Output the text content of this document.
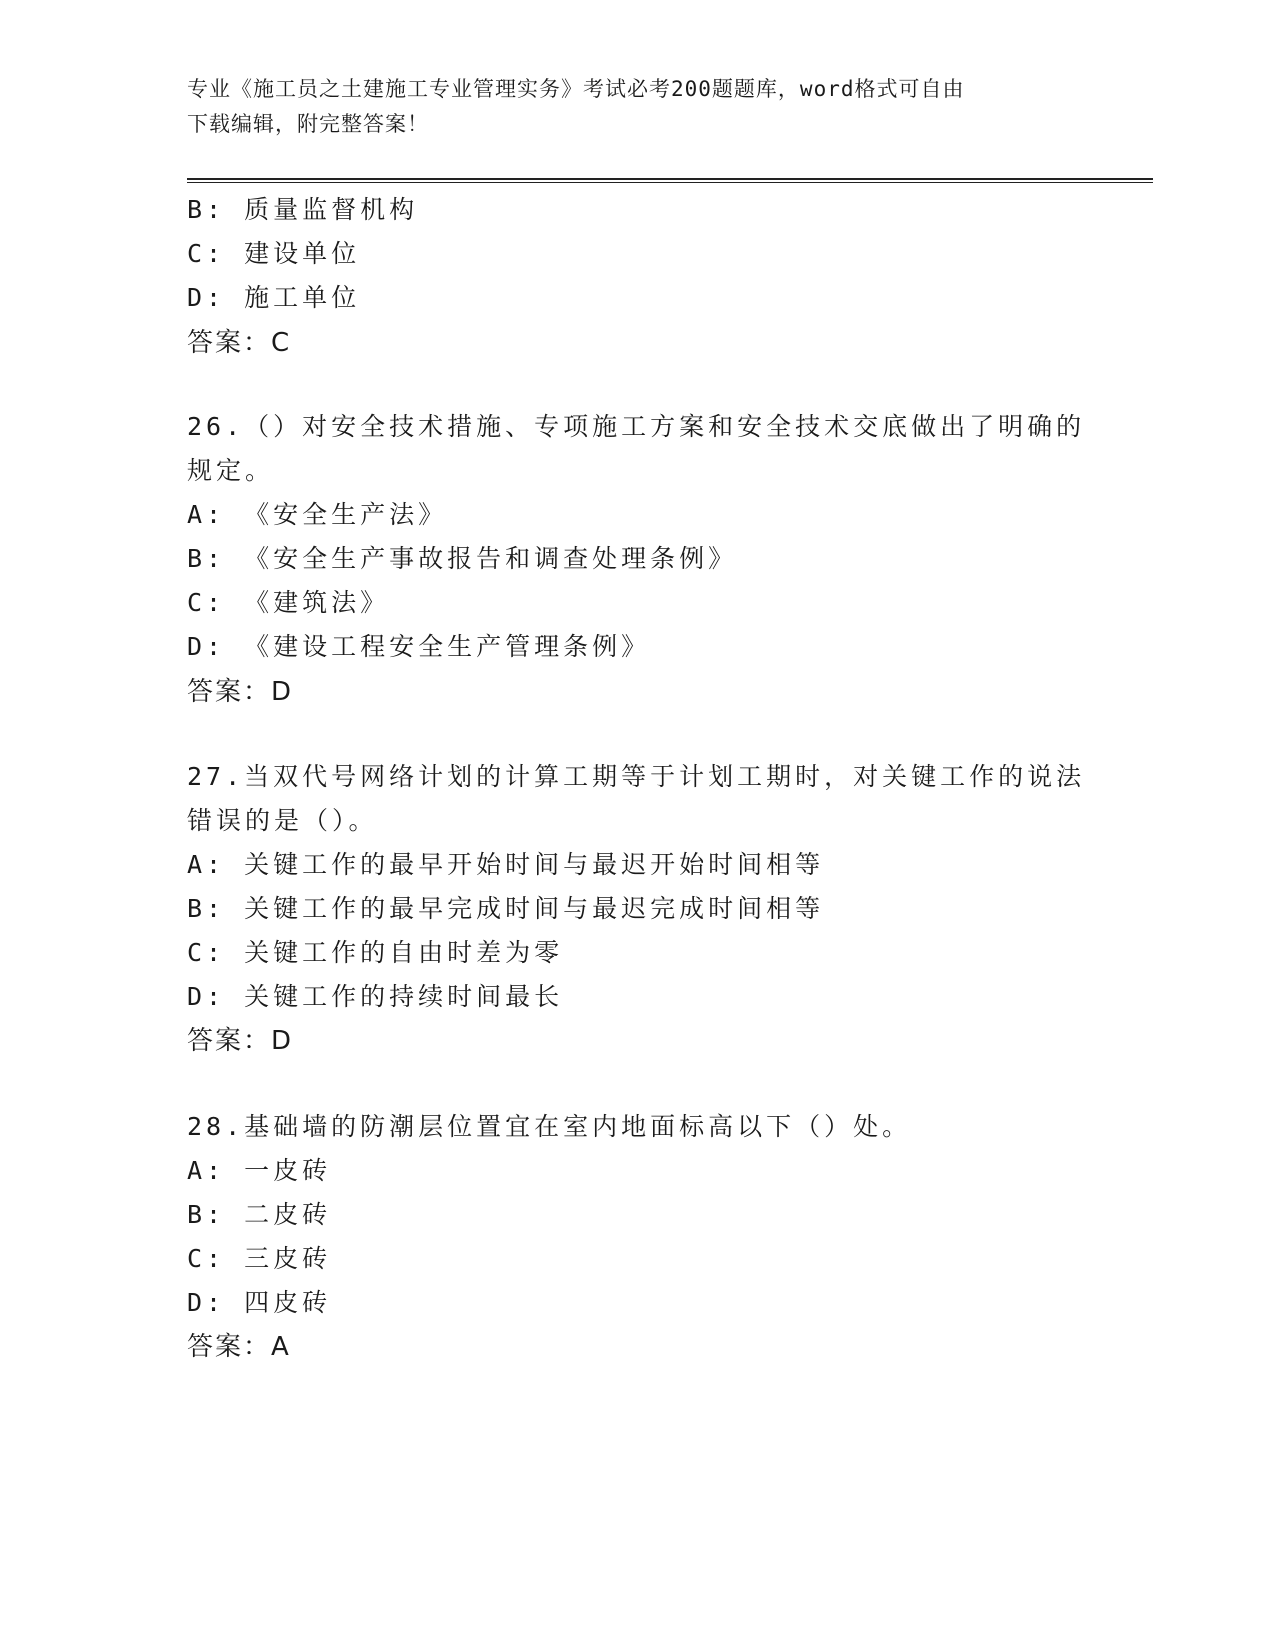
专业《施工员之土建施工专业管理实务》考试必考200题题库，word格式可自由
下载编辑，附完整答案！
B: 质量监督机构
C: 建设单位
D: 施工单位
答案：C
26.（）对安全技术措施、专项施工方案和安全技术交底做出了明确的
规定。
A: 《安全生产法》
B: 《安全生产事故报告和调查处理条例》
C: 《建筑法》
D: 《建设工程安全生产管理条例》
答案：D
27.当双代号网络计划的计算工期等于计划工期时，对关键工作的说法
错误的是（）。
A: 关键工作的最早开始时间与最迟开始时间相等
B: 关键工作的最早完成时间与最迟完成时间相等
C: 关键工作的自由时差为零
D: 关键工作的持续时间最长
答案：D
28.基础墙的防潮层位置宜在室内地面标高以下（）处。
A: 一皮砖
B: 二皮砖
C: 三皮砖
D: 四皮砖
答案：A
